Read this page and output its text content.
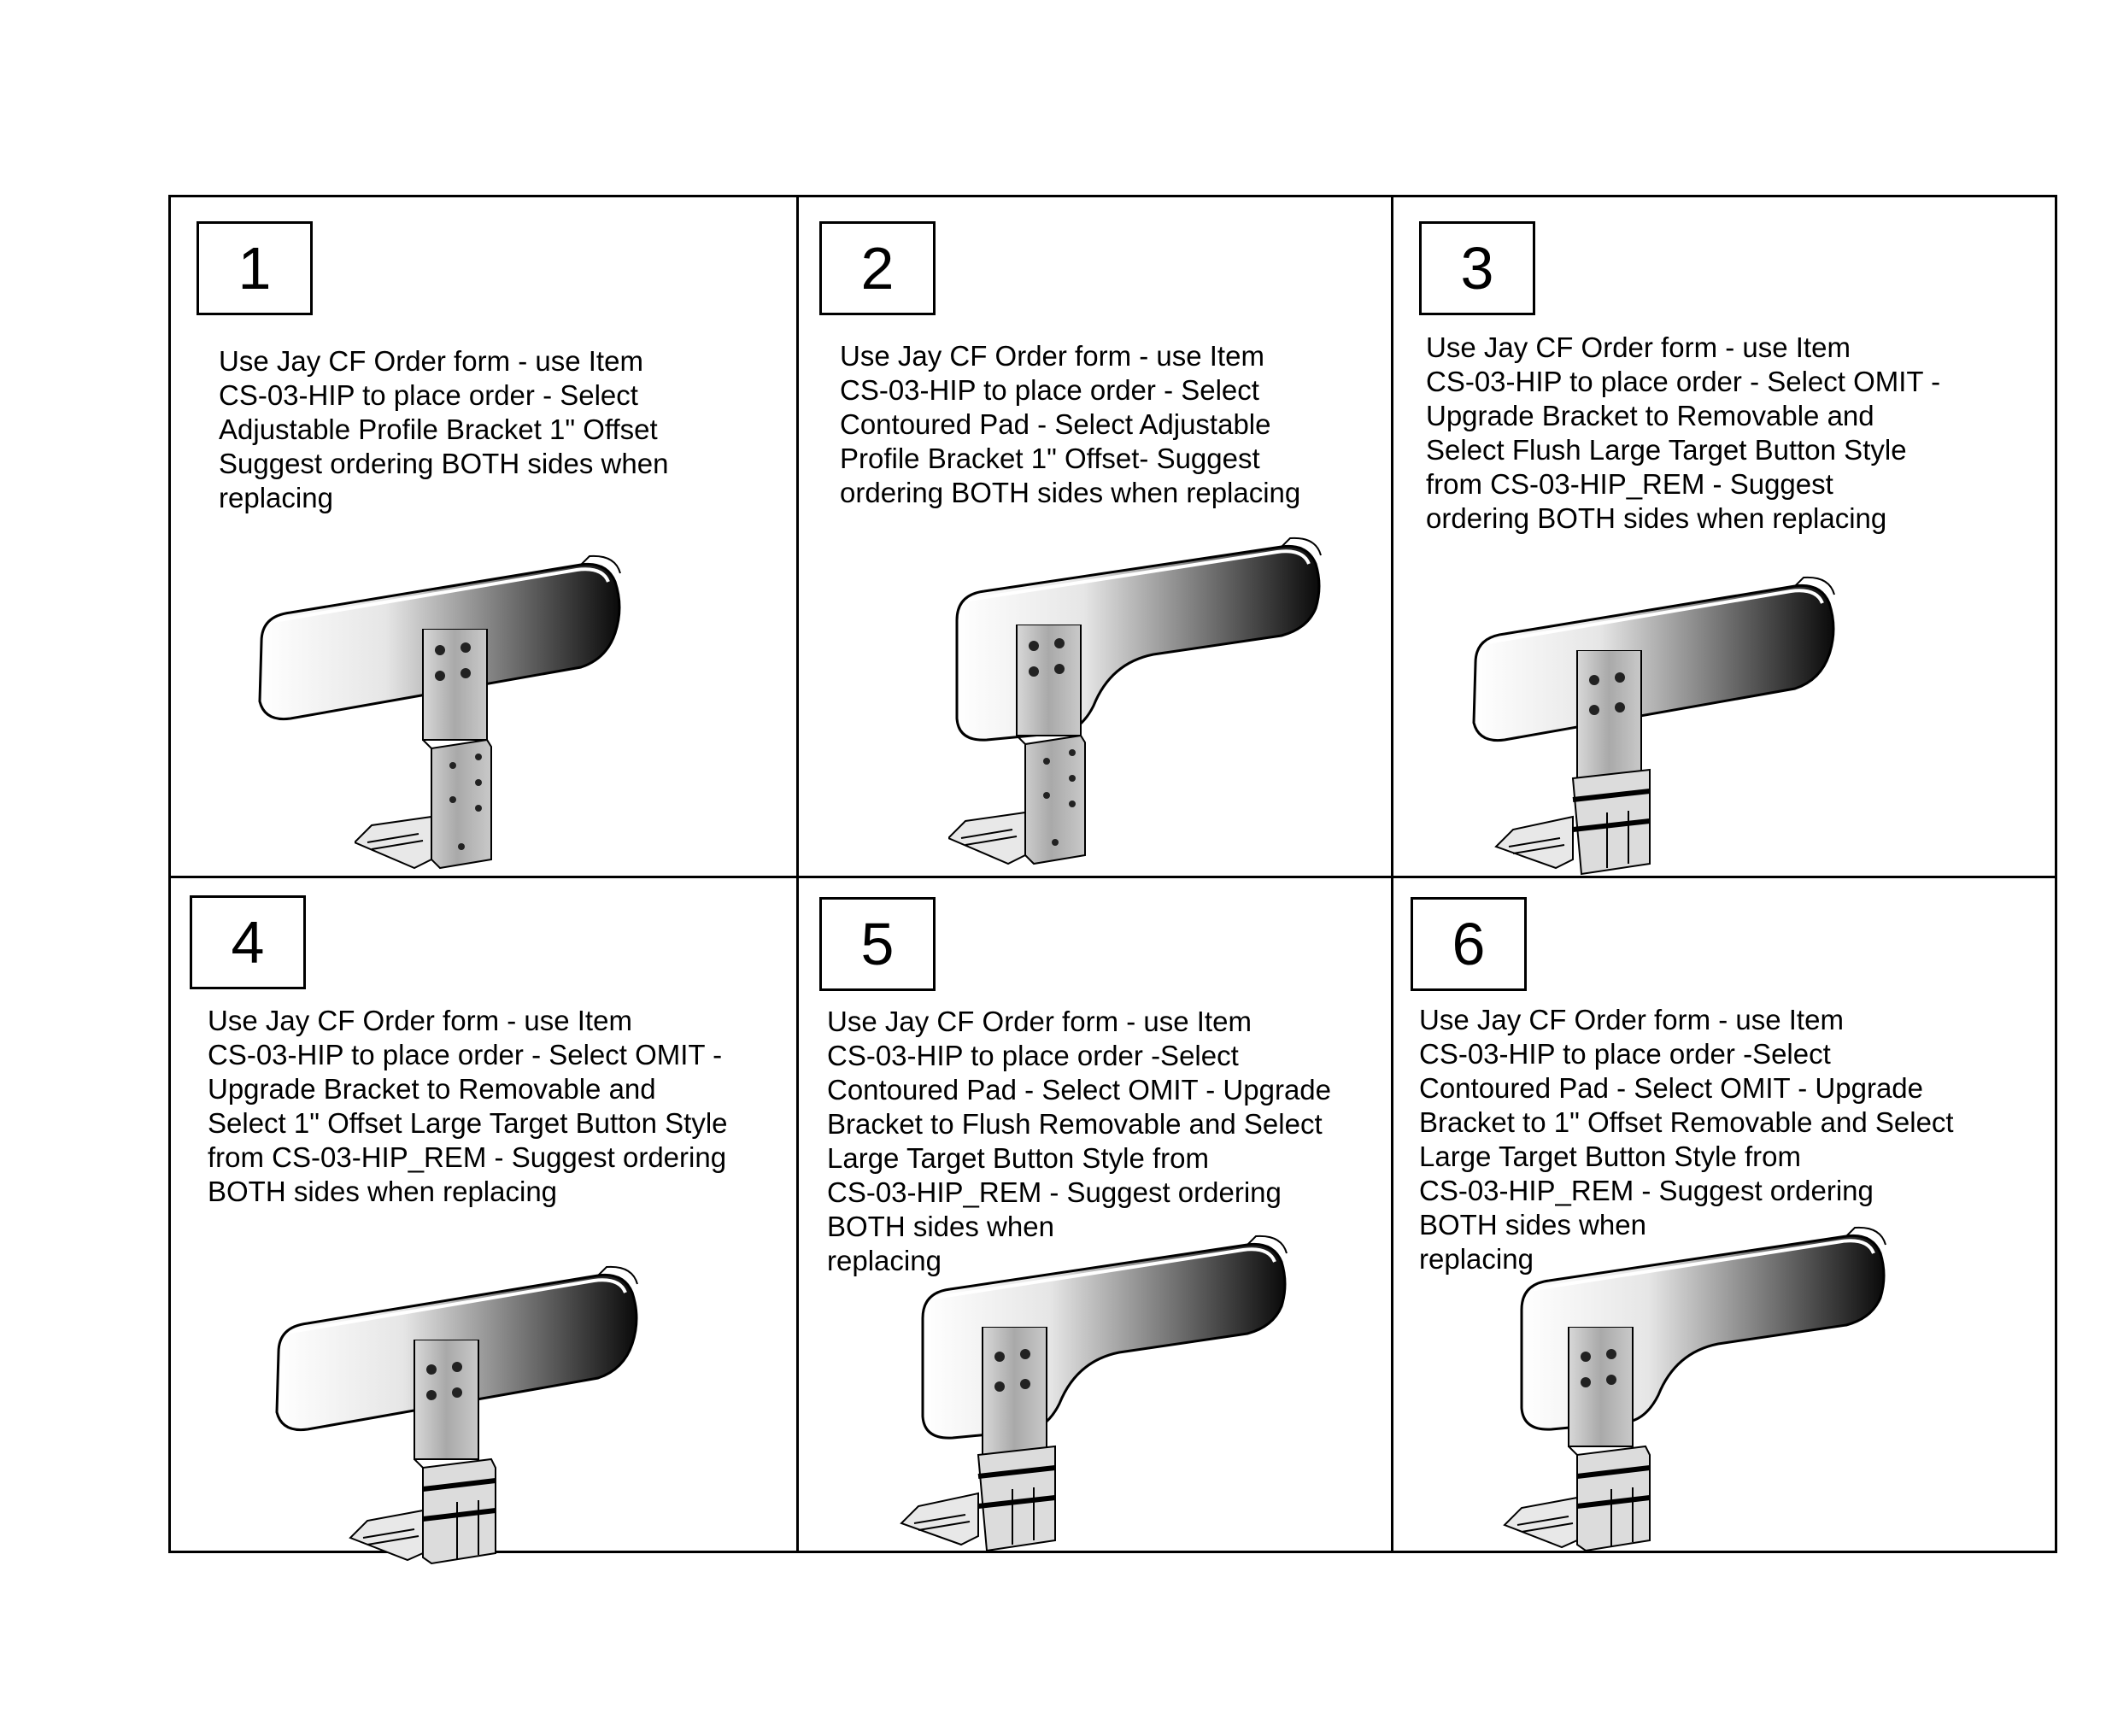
1
Use Jay CF Order form - use Item
CS-03-HIP to place order - Select
Adjustable Profile Bracket 1" Offset
Suggest ordering BOTH sides when
replacing
2
Use Jay CF Order form - use Item
CS-03-HIP to place order - Select
Contoured Pad - Select Adjustable
Profile Bracket 1" Offset- Suggest
ordering BOTH sides when replacing
3
Use Jay CF Order form - use Item
CS-03-HIP to place order - Select OMIT -
Upgrade Bracket to Removable and
Select Flush Large Target Button Style
from CS-03-HIP_REM - Suggest
ordering BOTH sides when replacing
4
Use Jay CF Order form - use Item
CS-03-HIP to place order - Select OMIT -
Upgrade Bracket to Removable and
Select 1" Offset Large Target Button Style
from CS-03-HIP_REM - Suggest ordering
BOTH sides when replacing
5
Use Jay CF Order form - use Item
CS-03-HIP to place order -Select
Contoured Pad - Select OMIT - Upgrade
Bracket to Flush Removable and Select
Large Target Button Style from
CS-03-HIP_REM - Suggest ordering
BOTH sides when
replacing
6
Use Jay CF Order form - use Item
CS-03-HIP to place order -Select
Contoured Pad - Select OMIT - Upgrade
Bracket to 1" Offset Removable and Select
Large Target Button Style from
CS-03-HIP_REM - Suggest ordering
BOTH sides when
replacing
